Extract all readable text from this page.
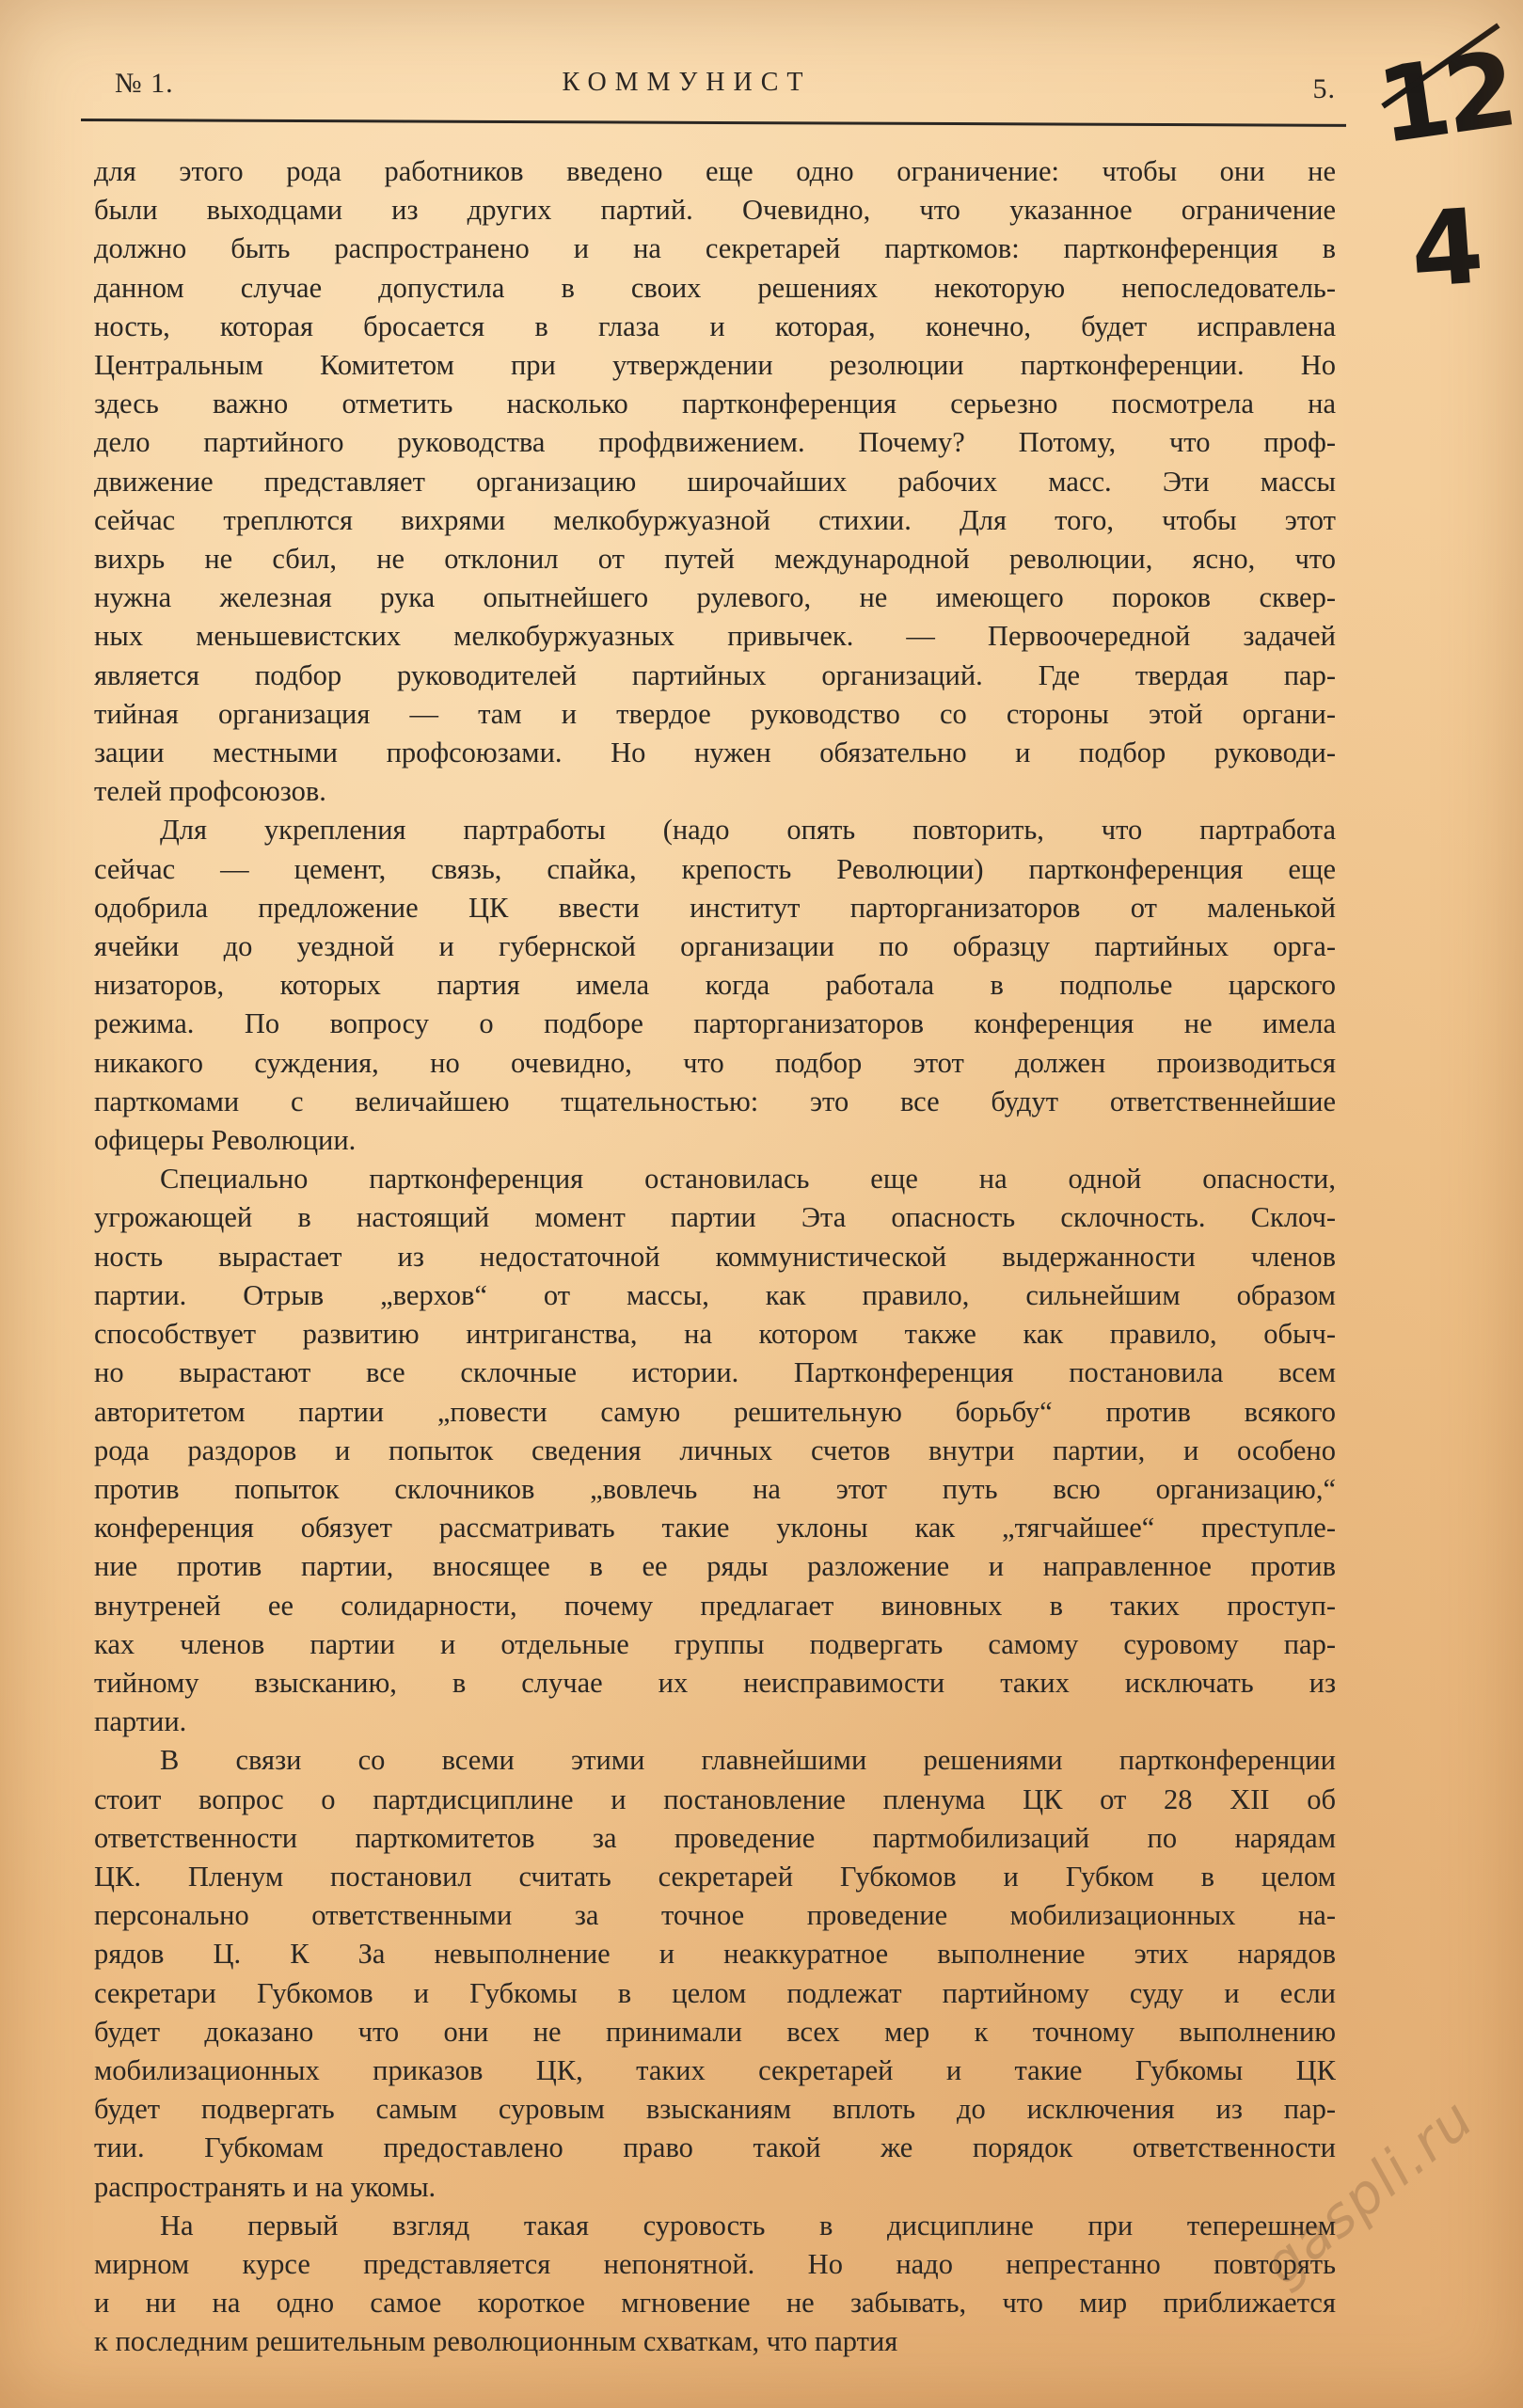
№ 1.	КОММУНИСТ	5. 12
4

для этого рода работников введено еще одно ограничение: чтобы они не
были выходцами из других партий. Очевидно, что указанное ограничение
должно быть распространено и на секретарей парткомов: партконференция в
данном случае допустила в своих решениях некоторую непоследователь-
ность, которая бросается в глаза и которая, конечно, будет исправлена
Центральным Комитетом при утверждении резолюции партконференции. Но
здесь важно отметить насколько партконференция серьезно посмотрела на
дело партийного руководства профдвижением. Почему? Потому, что проф-
движение представляет организацию широчайших рабочих масс. Эти массы
сейчас треплются вихрями мелкобуржуазной стихии. Для того, чтобы этот
вихрь не сбил, не отклонил от путей международной революции, ясно, что
нужна железная рука опытнейшего рулевого, не имеющего пороков сквер-
ных меньшевистских мелкобуржуазных привычек. — Первоочередной задачей
является подбор руководителей партийных организаций. Где твердая пар-
тийная организация — там и твердое руководство со стороны этой органи-
зации местными профсоюзами. Но нужен обязательно и подбор руководи-
телей профсоюзов.

Для укрепления партработы (надо опять повторить, что партработа
сейчас — цемент, связь, спайка, крепость Революции) партконференция еще
одобрила предложение ЦК ввести институт парторганизаторов от маленькой
ячейки до уездной и губернской организации по образцу партийных орга-
низаторов, которых партия имела когда работала в подполье царского
режима. По вопросу о подборе парторганизаторов конференция не имела
никакого суждения, но очевидно, что подбор этот должен производиться
парткомами с величайшею тщательностью: это все будут ответственнейшие
офицеры Революции.

Специально партконференция остановилась еще на одной опасности,
угрожающей в настоящий момент партии Эта опасность склочность. Склоч-
ность вырастает из недостаточной коммунистической выдержанности членов
партии. Отрыв „верхов“ от массы, как правило, сильнейшим образом
способствует развитию интриганства, на котором также как правило, обыч-
но вырастают все склочные истории. Партконференция постановила всем
авторитетом партии „повести самую решительную борьбу“ против всякого
рода раздоров и попыток сведения личных счетов внутри партии, и особено
против попыток склочников „вовлечь на этот путь всю организацию,“
конференция обязует рассматривать такие уклоны как „тягчайшее“ преступле-
ние против партии, вносящее в ее ряды разложение и направленное против
внутреней ее солидарности, почему предлагает виновных в таких проступ-
ках членов партии и отдельные группы подвергать самому суровому пар-
тийному взысканию, в случае их неисправимости таких исключать из
партии.

В связи со всеми этими главнейшими решениями партконференции
стоит вопрос о партдисциплине и постановление пленума ЦК от 28 XII об
ответственности парткомитетов за проведение партмобилизаций по нарядам
ЦК. Пленум постановил считать секретарей Губкомов и Губком в целом
персонально ответственными за точное проведение мобилизационных на-
рядов Ц. К За невыполнение и неаккуратное выполнение этих нарядов
секретари Губкомов и Губкомы в целом подлежат партийному суду и если
будет доказано что они не принимали всех мер к точному выполнению
мобилизационных приказов ЦК, таких секретарей и такие Губкомы ЦК
будет подвергать самым суровым взысканиям вплоть до исключения из пар-
тии. Губкомам предоставлено право такой же порядок ответственности
распространять и на укомы.

На первый взгляд такая суровость в дисциплине при теперешнем
мирном курсе представляется непонятной. Но надо непрестанно повторять
и ни на одно самое короткое мгновение не забывать, что мир приближается
к последним решительным революционным схваткам, что партия

gaspli.ru
